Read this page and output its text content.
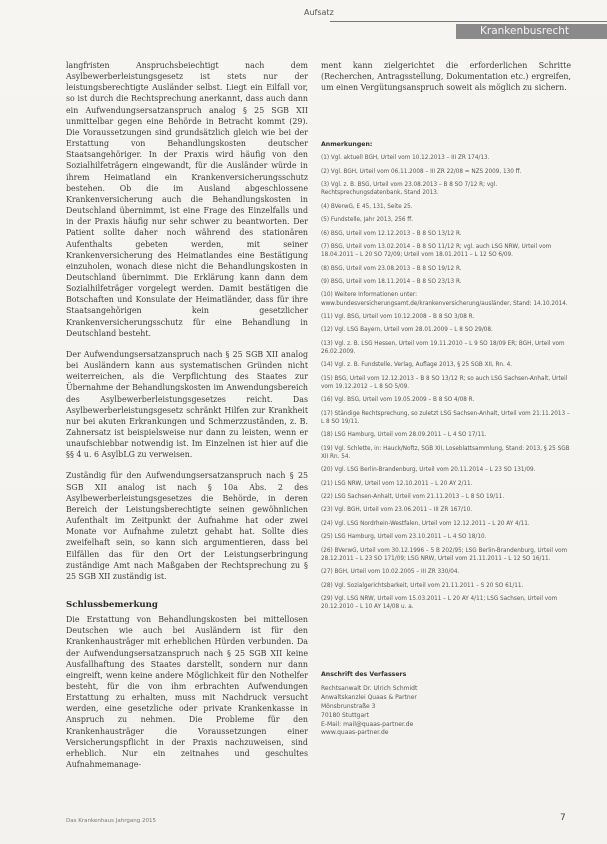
Aufsatz
Krankenbusrecht

langfristen Anspruchsbeiechtigt nach dem Asylbewerberleistungsgesetz ist stets nur der leistungsberechtigte Ausländer selbst. Liegt ein Eilfall vor, so ist durch die Rechtsprechung anerkannt, dass auch dann ein Aufwendungsersatzanspruch analog § 25 SGB XII unmittelbar gegen eine Behörde in Betracht kommt (29). Die Voraussetzungen sind grundsätzlich gleich wie bei der Erstattung von Behandlungskosten deutscher Staatsangehöriger. In der Praxis wird häufig von den Sozialhilfeträgern eingewandt, für die Ausländer würde in ihrem Heimatland ein Krankenversicherungsschutz bestehen. Ob die im Ausland abgeschlossene Krankenversicherung auch die Behandlungskosten in Deutschland übernimmt, ist eine Frage des Einzelfalls und in der Praxis häufig nur sehr schwer zu beantworten. Der Patient sollte daher noch während des stationären Aufenthalts gebeten werden, mit seiner Krankenversicherung des Heimatlandes eine Bestätigung einzuholen, wonach diese nicht die Behandlungskosten in Deutschland übernimmt. Die Erklärung kann dann dem Sozialhilfeträger vorgelegt werden. Damit bestätigen die Botschaften und Konsulate der Heimatländer, dass für ihre Staatsangehörigen kein gesetzlicher Krankenversicherungsschutz für eine Behandlung in Deutschland besteht.

Der Aufwendungsersatzanspruch nach § 25 SGB XII analog bei Ausländern kann aus systematischen Gründen nicht weiterreichen, als die Verpflichtung des Staates zur Übernahme der Behandlungskosten im Anwendungsbereich des Asylbewerberleistungsgesetzes reicht. Das Asylbewerberleistungsgesetz schränkt Hilfen zur Krankheit nur bei akuten Erkrankungen und Schmerzzuständen, z. B. Zahnersatz ist beispielsweise nur dann zu leisten, wenn er unaufschiebbar notwendig ist. Im Einzelnen ist hier auf die §§ 4 u. 6 AsylbLG zu verweisen.

Zuständig für den Aufwendungsersatzanspruch nach § 25 SGB XII analog ist nach § 10a Abs. 2 des Asylbewerberleistungsgesetzes die Behörde, in deren Bereich der Leistungsberechtigte seinen gewöhnlichen Aufenthalt im Zeitpunkt der Aufnahme hat oder zwei Monate vor Aufnahme zuletzt gehabt hat. Sollte dies zweifelhaft sein, so kann sich argumentieren, dass bei Eilfällen das für den Ort der Leistungserbringung zuständige Amt nach Maßgaben der Rechtsprechung zu § 25 SGB XII zuständig ist.

Schlussbemerkung

Die Erstattung von Behandlungskosten bei mittellosen Deutschen wie auch bei Ausländern ist für den Krankenhausträger mit erheblichen Hürden verbunden. Da der Aufwendungsersatzanspruch nach § 25 SGB XII keine Ausfallhaftung des Staates darstellt, sondern nur dann eingreift, wenn keine andere Möglichkeit für den Nothelfer besteht, für die von ihm erbrachten Aufwendungen Erstattung zu erhalten, muss mit Nachdruck versucht werden, eine gesetzliche oder private Krankenkasse in Anspruch zu nehmen. Die Probleme für den Krankenhausträger die Voraussetzungen einer Versicherungspflicht in der Praxis nachzuweisen, sind erheblich. Nur ein zeitnahes und geschultes Aufnahmemanage-

ment kann zielgerichtet die erforderlichen Schritte (Recherchen, Antragsstellung, Dokumentation etc.) ergreifen, um einen Vergütungsanspruch soweit als möglich zu sichern.

Anmerkungen:
(1) Vgl. aktuell BGH, Urteil vom 10.12.2013 – III ZR 174/13.
(2) Vgl. BGH, Urteil vom 06.11.2008 – III ZR 22/08 = NZS 2009, 130 ff.
(3) Vgl. z. B. BSG, Urteil vom 23.08.2013 – B 8 SO 7/12 R; vgl. Rechtsprechungsdatenbank, Stand 2013.
(4) BVerwG, E 45, 131, Seite 25.
(5) Fundstelle, Jahr 2013, 256 ff.
(6) BSG, Urteil vom 12.12.2013 – B 8 SO 13/12 R.
(7) BSG, Urteil vom 13.02.2014 – B 8 SO 11/12 R; vgl. auch LSG NRW, Urteil vom 18.04.2011 – L 20 SO 72/09; Urteil vom 18.01.2011 – L 12 SO 6/09.
(8) BSG, Urteil vom 23.08.2013 – B 8 SO 19/12 R.
(9) BSG, Urteil vom 18.11.2014 – B 8 SO 23/13 R.
(10) Weitere Informationen unter: www.bundesversicherungsamt.de/krankenversicherung/ausländer, Stand: 14.10.2014.
(11) Vgl. BSG, Urteil vom 10.12.2008 – B 8 SO 3/08 R.
(12) Vgl. LSG Bayern, Urteil vom 28.01.2009 – L 8 SO 29/08.
(13) Vgl. z. B. LSG Hessen, Urteil vom 19.11.2010 – L 9 SO 18/09 ER; BGH, Urteil vom 26.02.2009.
(14) Vgl. z. B. Fundstelle, Verlag, Auflage 2013, § 25 SGB XII, Rn. 4.
(15) BSG, Urteil vom 12.12.2013 – B 8 SO 13/12 R; so auch LSG Sachsen-Anhalt, Urteil vom 19.12.2012 – L 8 SO 5/09.
(16) Vgl. BSG, Urteil vom 19.05.2009 – B 8 SO 4/08 R.
(17) Ständige Rechtsprechung, so zuletzt LSG Sachsen-Anhalt, Urteil vom 21.11.2013 – L 8 SO 19/11.
(18) LSG Hamburg, Urteil vom 28.09.2011 – L 4 SO 17/11.
(19) Vgl. Schlette, in: Hauck/Noftz, SGB XII, Loseblattsammlung, Stand: 2013, § 25 SGB XII Rn. 54.
(20) Vgl. LSG Berlin-Brandenburg, Urteil vom 20.11.2014 – L 23 SO 131/09.
(21) LSG NRW, Urteil vom 12.10.2011 – L 20 AY 2/11.
(22) LSG Sachsen-Anhalt, Urteil vom 21.11.2013 – L 8 SO 19/11.
(23) Vgl. BGH, Urteil vom 23.06.2011 – III ZR 167/10.
(24) Vgl. LSG Nordrhein-Westfalen, Urteil vom 12.12.2011 – L 20 AY 4/11.
(25) LSG Hamburg, Urteil vom 23.10.2011 – L 4 SO 18/10.
(26) BVerwG, Urteil vom 30.12.1996 – 5 B 202/95; LSG Berlin-Brandenburg, Urteil vom 28.12.2011 – L 23 SO 171/09; LSG NRW, Urteil vom 21.11.2011 – L 12 SO 16/11.
(27) BGH, Urteil vom 10.02.2005 – III ZR 330/04.
(28) Vgl. Sozialgerichtsbarkeit, Urteil vom 21.11.2011 – S 20 SO 61/11.
(29) Vgl. LSG NRW, Urteil vom 15.03.2011 – L 20 AY 4/11; LSG Sachsen, Urteil vom 20.12.2010 – L 10 AY 14/08 u. a.
Anschrift des Verfassers
Rechtsanwalt Dr. Ulrich Schmidt
Anwaltskanzlei Quaas & Partner
Mönsbrunstraße 3
70180 Stuttgart
E-Mail: mail@quaas-partner.de
www.quaas-partner.de
Das Krankenhaus Jahrgang 2015	7
